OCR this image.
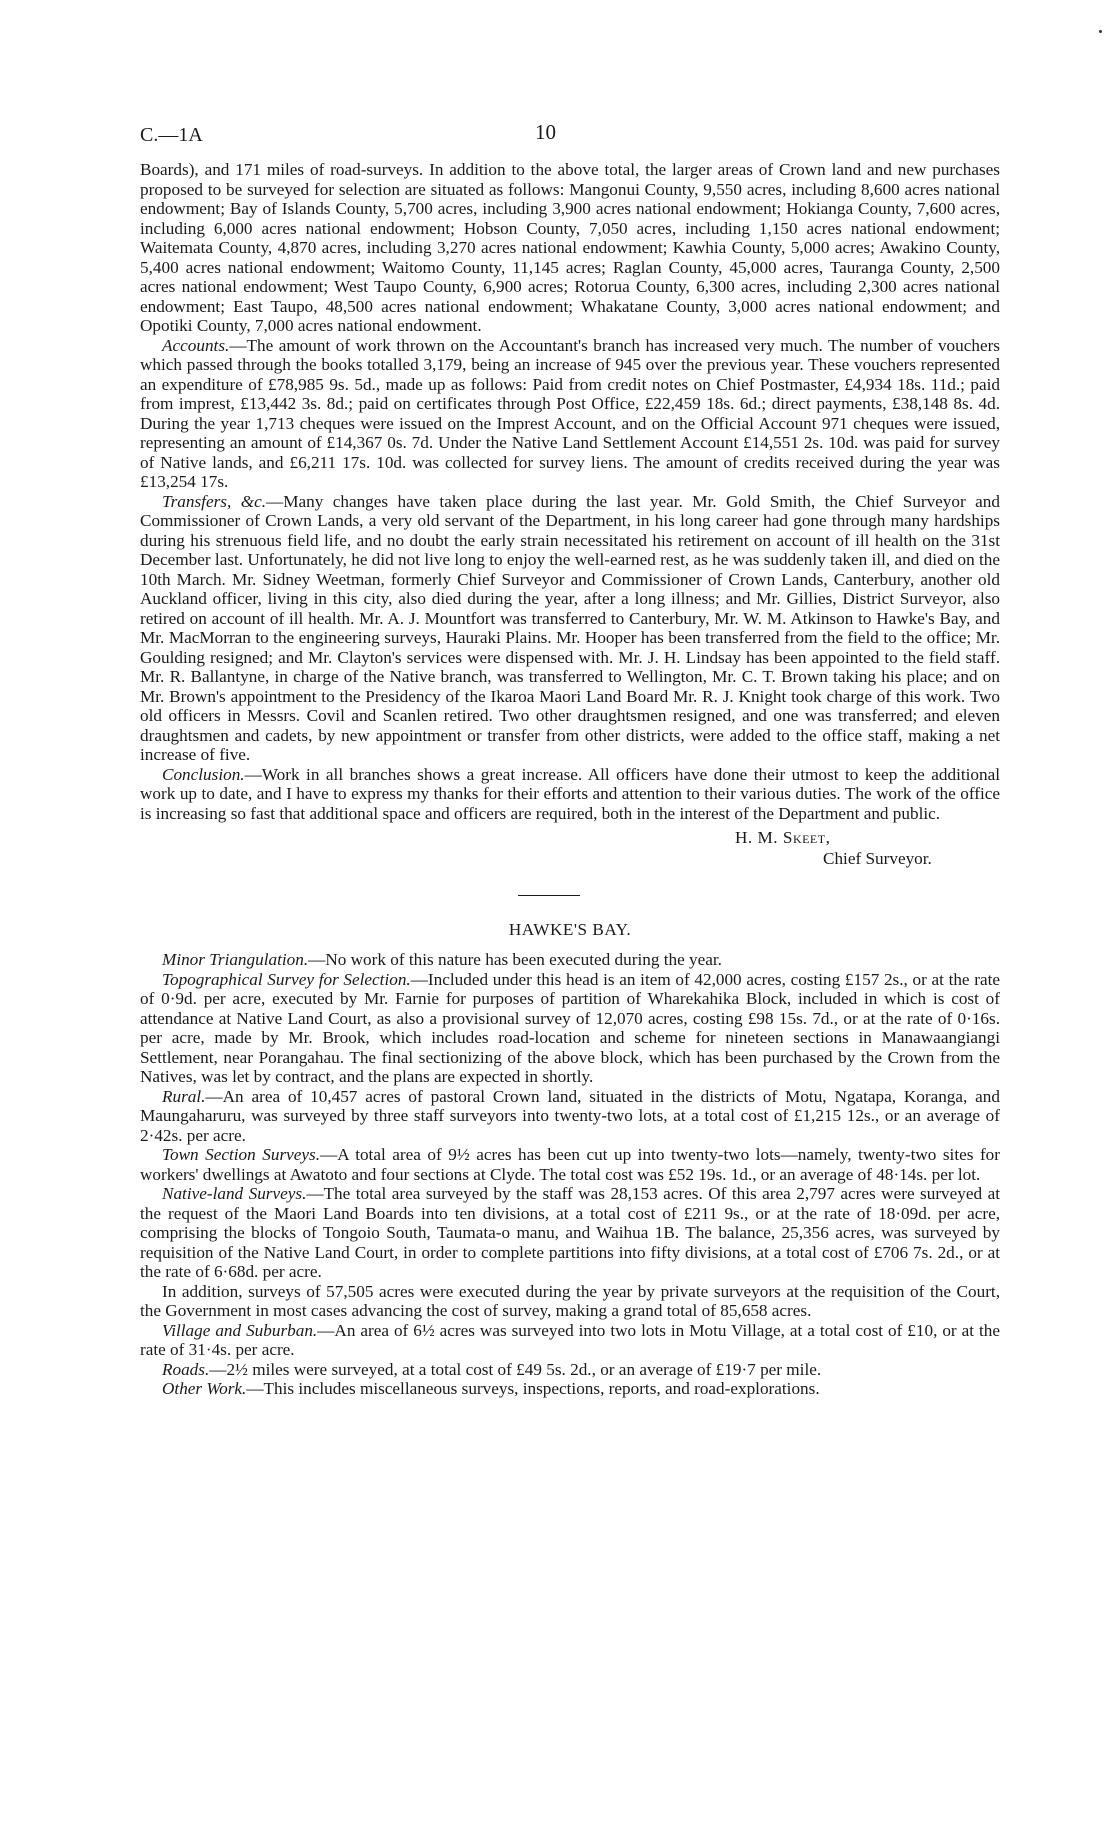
C.—1A	10

Boards), and 171 miles of road-surveys. In addition to the above total, the larger areas of Crown land and new purchases proposed to be surveyed for selection are situated as follows: Mangonui County, 9,550 acres, including 8,600 acres national endowment; Bay of Islands County, 5,700 acres, including 3,900 acres national endowment; Hokianga County, 7,600 acres, including 6,000 acres national endowment; Hobson County, 7,050 acres, including 1,150 acres national endowment; Waitemata County, 4,870 acres, including 3,270 acres national endowment; Kawhia County, 5,000 acres; Awakino County, 5,400 acres national endowment; Waitomo County, 11,145 acres; Raglan County, 45,000 acres, Tauranga County, 2,500 acres national endowment; West Taupo County, 6,900 acres; Rotorua County, 6,300 acres, including 2,300 acres national endowment; East Taupo, 48,500 acres national endowment; Whakatane County, 3,000 acres national endowment; and Opotiki County, 7,000 acres national endowment.

Accounts.—The amount of work thrown on the Accountant's branch has increased very much. The number of vouchers which passed through the books totalled 3,179, being an increase of 945 over the previous year. These vouchers represented an expenditure of £78,985 9s. 5d., made up as follows: Paid from credit notes on Chief Postmaster, £4,934 18s. 11d.; paid from imprest, £13,442 3s. 8d.; paid on certificates through Post Office, £22,459 18s. 6d.; direct payments, £38,148 8s. 4d. During the year 1,713 cheques were issued on the Imprest Account, and on the Official Account 971 cheques were issued, representing an amount of £14,367 0s. 7d. Under the Native Land Settlement Account £14,551 2s. 10d. was paid for survey of Native lands, and £6,211 17s. 10d. was collected for survey liens. The amount of credits received during the year was £13,254 17s.

Transfers, &c.—Many changes have taken place during the last year. Mr. Gold Smith, the Chief Surveyor and Commissioner of Crown Lands, a very old servant of the Department, in his long career had gone through many hardships during his strenuous field life, and no doubt the early strain necessitated his retirement on account of ill health on the 31st December last. Unfortunately, he did not live long to enjoy the well-earned rest, as he was suddenly taken ill, and died on the 10th March. Mr. Sidney Weetman, formerly Chief Surveyor and Commissioner of Crown Lands, Canterbury, another old Auckland officer, living in this city, also died during the year, after a long illness; and Mr. Gillies, District Surveyor, also retired on account of ill health. Mr. A. J. Mountfort was transferred to Canterbury, Mr. W. M. Atkinson to Hawke's Bay, and Mr. MacMorran to the engineering surveys, Hauraki Plains. Mr. Hooper has been transferred from the field to the office; Mr. Goulding resigned; and Mr. Clayton's services were dispensed with. Mr. J. H. Lindsay has been appointed to the field staff. Mr. R. Ballantyne, in charge of the Native branch, was transferred to Wellington, Mr. C. T. Brown taking his place; and on Mr. Brown's appointment to the Presidency of the Ikaroa Maori Land Board Mr. R. J. Knight took charge of this work. Two old officers in Messrs. Covil and Scanlen retired. Two other draughtsmen resigned, and one was transferred; and eleven draughtsmen and cadets, by new appointment or transfer from other districts, were added to the office staff, making a net increase of five.

Conclusion.—Work in all branches shows a great increase. All officers have done their utmost to keep the additional work up to date, and I have to express my thanks for their efforts and attention to their various duties. The work of the office is increasing so fast that additional space and officers are required, both in the interest of the Department and public.

H. M. Skeet,
Chief Surveyor.
HAWKE'S BAY.

Minor Triangulation.—No work of this nature has been executed during the year.

Topographical Survey for Selection.—Included under this head is an item of 42,000 acres, costing £157 2s., or at the rate of 0·9d. per acre, executed by Mr. Farnie for purposes of partition of Wharekahika Block, included in which is cost of attendance at Native Land Court, as also a provisional survey of 12,070 acres, costing £98 15s. 7d., or at the rate of 0·16s. per acre, made by Mr. Brook, which includes road-location and scheme for nineteen sections in Manawaangiangi Settlement, near Porangahau. The final sectionizing of the above block, which has been purchased by the Crown from the Natives, was let by contract, and the plans are expected in shortly.

Rural.—An area of 10,457 acres of pastoral Crown land, situated in the districts of Motu, Ngatapa, Koranga, and Maungaharuru, was surveyed by three staff surveyors into twenty-two lots, at a total cost of £1,215 12s., or an average of 2·42s. per acre.

Town Section Surveys.—A total area of 9½ acres has been cut up into twenty-two lots—namely, twenty-two sites for workers' dwellings at Awatoto and four sections at Clyde. The total cost was £52 19s. 1d., or an average of 48·14s. per lot.

Native-land Surveys.—The total area surveyed by the staff was 28,153 acres. Of this area 2,797 acres were surveyed at the request of the Maori Land Boards into ten divisions, at a total cost of £211 9s., or at the rate of 18·09d. per acre, comprising the blocks of Tongoio South, Taumata-o manu, and Waihua 1B. The balance, 25,356 acres, was surveyed by requisition of the Native Land Court, in order to complete partitions into fifty divisions, at a total cost of £706 7s. 2d., or at the rate of 6·68d. per acre.

In addition, surveys of 57,505 acres were executed during the year by private surveyors at the requisition of the Court, the Government in most cases advancing the cost of survey, making a grand total of 85,658 acres.

Village and Suburban.—An area of 6½ acres was surveyed into two lots in Motu Village, at a total cost of £10, or at the rate of 31·4s. per acre.

Roads.—2½ miles were surveyed, at a total cost of £49 5s. 2d., or an average of £19·7 per mile.

Other Work.—This includes miscellaneous surveys, inspections, reports, and road-explorations.
